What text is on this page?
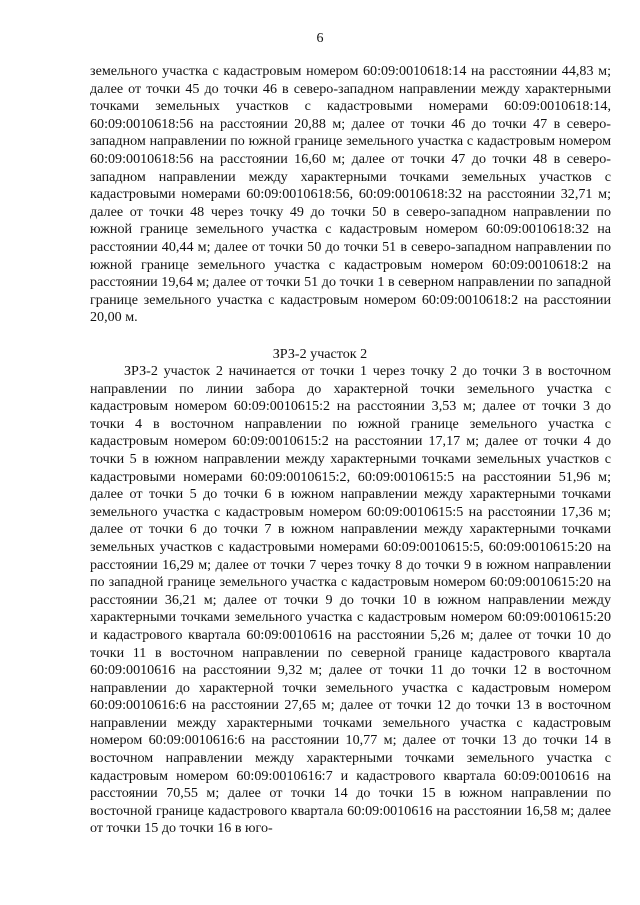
6

земельного участка с кадастровым номером 60:09:0010618:14 на расстоянии 44,83 м; далее от точки 45 до точки 46 в северо-западном направлении между характерными точками земельных участков с кадастровыми номерами 60:09:0010618:14, 60:09:0010618:56 на расстоянии 20,88 м; далее от точки 46 до точки 47 в северо-западном направлении по южной границе земельного участка с кадастровым номером 60:09:0010618:56 на расстоянии 16,60 м; далее от точки 47 до точки 48 в северо-западном направлении между характерными точками земельных участков с кадастровыми номерами 60:09:0010618:56, 60:09:0010618:32 на расстоянии 32,71 м; далее от точки 48 через точку 49 до точки 50 в северо-западном направлении по южной границе земельного участка с кадастровым номером 60:09:0010618:32 на расстоянии 40,44 м; далее от точки 50 до точки 51 в северо-западном направлении по южной границе земельного участка с кадастровым номером 60:09:0010618:2 на расстоянии 19,64 м; далее от точки 51 до точки 1 в северном направлении по западной границе земельного участка с кадастровым номером 60:09:0010618:2 на расстоянии 20,00 м.

ЗРЗ-2 участок 2

ЗРЗ-2 участок 2 начинается от точки 1 через точку 2 до точки 3 в восточном направлении по линии забора до характерной точки земельного участка с кадастровым номером 60:09:0010615:2 на расстоянии 3,53 м; далее от точки 3 до точки 4 в восточном направлении по южной границе земельного участка с кадастровым номером 60:09:0010615:2 на расстоянии 17,17 м; далее от точки 4 до точки 5 в южном направлении между характерными точками земельных участков с кадастровыми номерами 60:09:0010615:2, 60:09:0010615:5 на расстоянии 51,96 м; далее от точки 5 до точки 6 в южном направлении между характерными точками земельного участка с кадастровым номером 60:09:0010615:5 на расстоянии 17,36 м; далее от точки 6 до точки 7 в южном направлении между характерными точками земельных участков с кадастровыми номерами 60:09:0010615:5, 60:09:0010615:20 на расстоянии 16,29 м; далее от точки 7 через точку 8 до точки 9 в южном направлении по западной границе земельного участка с кадастровым номером 60:09:0010615:20 на расстоянии 36,21 м; далее от точки 9 до точки 10 в южном направлении между характерными точками земельного участка с кадастровым номером 60:09:0010615:20 и кадастрового квартала 60:09:0010616 на расстоянии 5,26 м; далее от точки 10 до точки 11 в восточном направлении по северной границе кадастрового квартала 60:09:0010616 на расстоянии 9,32 м; далее от точки 11 до точки 12 в восточном направлении до характерной точки земельного участка с кадастровым номером 60:09:0010616:6 на расстоянии 27,65 м; далее от точки 12 до точки 13 в восточном направлении между характерными точками земельного участка с кадастровым номером 60:09:0010616:6 на расстоянии 10,77 м; далее от точки 13 до точки 14 в восточном направлении между характерными точками земельного участка с кадастровым номером 60:09:0010616:7 и кадастрового квартала 60:09:0010616 на расстоянии 70,55 м; далее от точки 14 до точки 15 в южном направлении по восточной границе кадастрового квартала 60:09:0010616 на расстоянии 16,58 м; далее от точки 15 до точки 16 в юго-
